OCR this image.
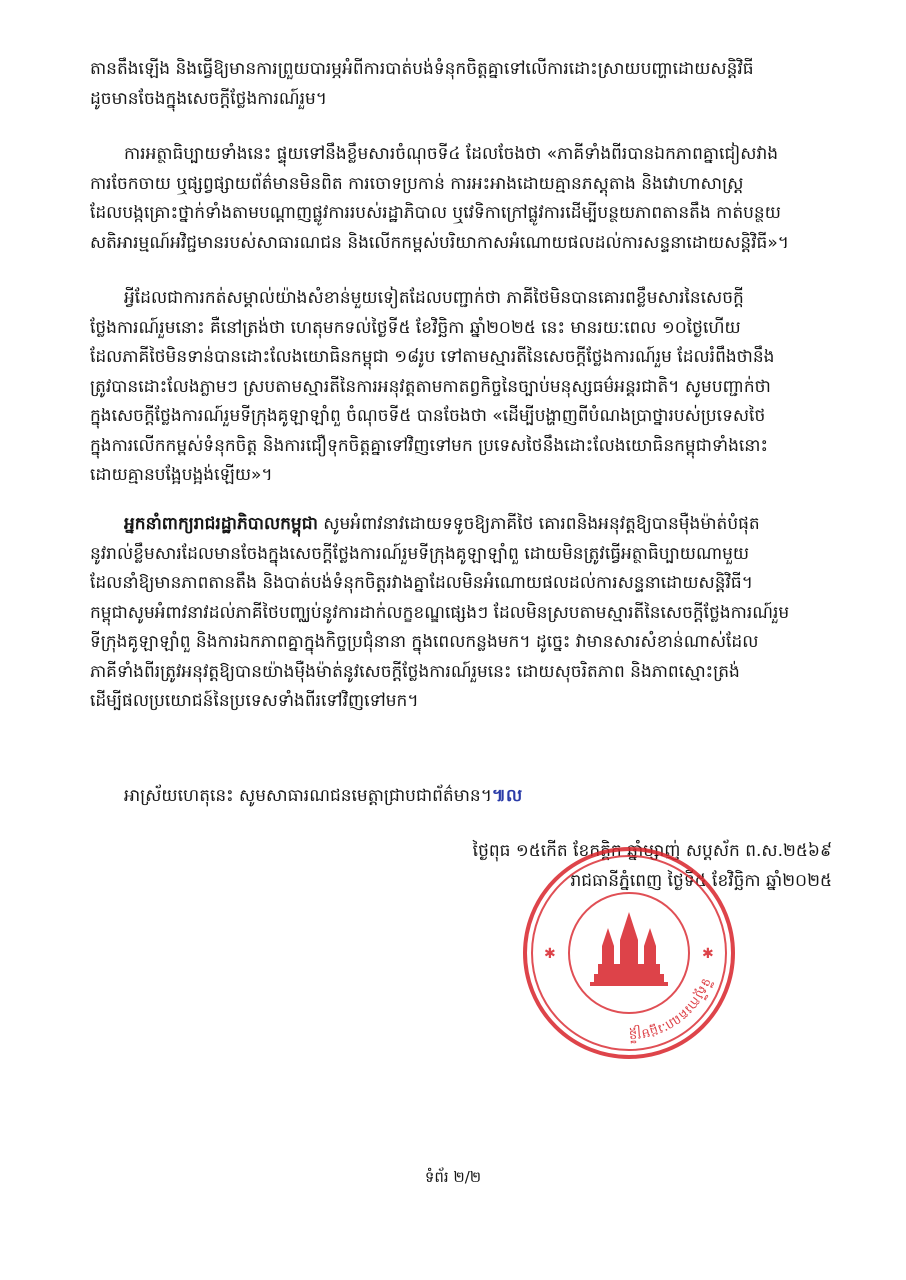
តានតឹងឡើង និងធ្វើឱ្យមានការព្រួយបារម្ភអំពីការបាត់បង់ទំនុកចិត្តគ្នាទៅលើការដោះស្រាយបញ្ហាដោយសន្តិវិធី
ដូចមានចែងក្នុងសេចក្តីថ្លែងការណ៍រួម។
ការអត្ថាធិប្បាយទាំងនេះ ផ្ទុយទៅនឹងខ្លឹមសារចំណុចទី៤ ដែលចែងថា «ភាគីទាំងពីរបានឯកភាពគ្នាជៀសវាង
ការចែកចាយ ឬផ្សព្វផ្សាយព័ត៌មានមិនពិត ការចោទប្រកាន់ ការអះអាងដោយគ្មានភស្តុតាង និងវោហាសាស្ត្រ
ដែលបង្កគ្រោះថ្នាក់ទាំងតាមបណ្តាញផ្លូវការរបស់រដ្ឋាភិបាល ឬវេទិកាក្រៅផ្លូវការដើម្បីបន្ថយភាពតានតឹង កាត់បន្ថយ
សតិអារម្មណ៍អវិជ្ជមានរបស់សាធារណជន និងលើកកម្ពស់បរិយាកាសអំណោយផលដល់ការសន្ទនាដោយសន្តិវិធី»។
អ្វីដែលជាការកត់សម្គាល់យ៉ាងសំខាន់មួយទៀតដែលបញ្ជាក់ថា ភាគីថៃមិនបានគោរពខ្លឹមសារនៃសេចក្តី
ថ្លែងការណ៍រួមនោះ គឺនៅត្រង់ថា ហេតុមកទល់ថ្ងៃទី៥ ខែវិច្ឆិកា ឆ្នាំ២០២៥ នេះ មានរយៈពេល ១០ថ្ងៃហើយ
ដែលភាគីថៃមិនទាន់បានដោះលែងយោធិនកម្ពុជា ១៨រូប ទៅតាមស្មារតីនៃសេចក្តីថ្លែងការណ៍រួម ដែលរំពឹងថានឹង
ត្រូវបានដោះលែងភ្លាមៗ ស្របតាមស្មារតីនៃការអនុវត្តតាមកាតព្វកិច្ចនៃច្បាប់មនុស្សធម៌អន្តរជាតិ។ សូមបញ្ជាក់ថា
ក្នុងសេចក្តីថ្លែងការណ៍រួមទីក្រុងគូឡាឡាំពួ ចំណុចទី៥ បានចែងថា «ដើម្បីបង្ហាញពីបំណងប្រាថ្នារបស់ប្រទេសថៃ
ក្នុងការលើកកម្ពស់ទំនុកចិត្ត និងការជឿទុកចិត្តគ្នាទៅវិញទៅមក ប្រទេសថៃនឹងដោះលែងយោធិនកម្ពុជាទាំងនោះ
ដោយគ្មានបង្អែបង្អង់ឡើយ»។
អ្នកនាំពាក្យរាជរដ្ឋាភិបាលកម្ពុជា សូមអំពាវនាវដោយទទូចឱ្យភាគីថៃ គោរពនិងអនុវត្តឱ្យបានម៉ឺងម៉ាត់បំផុត
នូវរាល់ខ្លឹមសារដែលមានចែងក្នុងសេចក្តីថ្លែងការណ៍រួមទីក្រុងគូឡាឡាំពួ ដោយមិនត្រូវធ្វើអត្ថាធិប្បាយណាមួយ
ដែលនាំឱ្យមានភាពតានតឹង និងបាត់បង់ទំនុកចិត្តរវាងគ្នាដែលមិនអំណោយផលដល់ការសន្ទនាដោយសន្តិវិធី។
កម្ពុជាសូមអំពាវនាវដល់ភាគីថៃបញ្ឈប់នូវការដាក់លក្ខខណ្ឌផ្សេងៗ ដែលមិនស្របតាមស្មារតីនៃសេចក្តីថ្លែងការណ៍រួម
ទីក្រុងគូឡាឡាំពួ និងការឯកភាពគ្នាក្នុងកិច្ចប្រជុំនានា ក្នុងពេលកន្លងមក។ ដូច្នេះ វាមានសារសំខាន់ណាស់ដែល
ភាគីទាំងពីរត្រូវអនុវត្តឱ្យបានយ៉ាងម៉ឺងម៉ាត់នូវសេចក្តីថ្លែងការណ៍រួមនេះ ដោយសុចរិតភាព និងភាពស្មោះត្រង់
ដើម្បីផលប្រយោជន៍នៃប្រទេសទាំងពីរទៅវិញទៅមក។
អាស្រ័យហេតុនេះ សូមសាធារណជនមេត្តាជ្រាបជាព័ត៌មាន។៕ល
ថ្ងៃពុធ ១៥កើត ខែកត្តិក ឆ្នាំម្សាញ់ សប្តស័ក ព.ស.២៥៦៩
រាជធានីភ្នំពេញ ថ្ងៃទី៥ ខែវិច្ឆិកា ឆ្នាំ២០២៥
✱	✱
ទីស្តីការគណៈរដ្ឋមន្ត្រី
ទំព័រ ២/២
